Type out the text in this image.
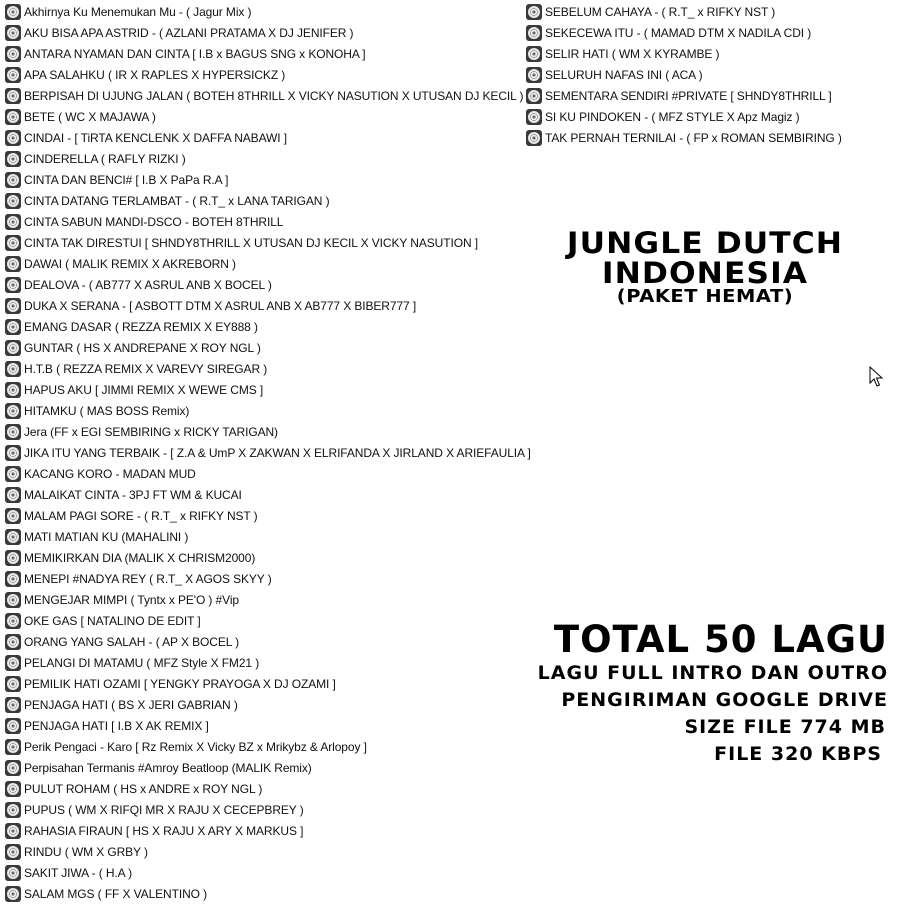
Akhirnya Ku Menemukan Mu - ( Jagur Mix )
AKU BISA APA ASTRID - ( AZLANI PRATAMA X DJ JENIFER )
ANTARA NYAMAN DAN CINTA [ I.B x BAGUS SNG x KONOHA ]
APA SALAHKU ( IR X RAPLES X HYPERSICKZ )
BERPISAH DI UJUNG JALAN ( BOTEH 8THRILL X VICKY NASUTION X UTUSAN DJ KECIL )
BETE ( WC X MAJAWA )
CINDAI - [ TiRTA KENCLENK X DAFFA NABAWI ]
CINDERELLA ( RAFLY RIZKI )
CINTA DAN BENCI# [ I.B X PaPa R.A ]
CINTA DATANG TERLAMBAT - ( R.T_ x LANA TARIGAN )
CINTA SABUN MANDI-DSCO - BOTEH 8THRILL
CINTA TAK DIRESTUI [ SHNDY8THRILL X UTUSAN DJ KECIL X VICKY NASUTION ]
DAWAI ( MALIK REMIX X AKREBORN )
DEALOVA - ( AB777 X ASRUL ANB X BOCEL )
DUKA X SERANA - [ ASBOTT DTM X ASRUL ANB X AB777 X BIBER777 ]
EMANG DASAR ( REZZA REMIX X EY888 )
GUNTAR ( HS X ANDREPANE X ROY NGL )
H.T.B ( REZZA REMIX X VAREVY SIREGAR )
HAPUS AKU [ JIMMI REMIX X WEWE CMS ]
HITAMKU ( MAS BOSS Remix)
Jera (FF x EGI SEMBIRING x RICKY TARIGAN)
JIKA ITU YANG TERBAIK - [ Z.A & UmP X ZAKWAN X ELRIFANDA X JIRLAND X ARIEFAULIA ]
KACANG KORO - MADAN MUD
MALAIKAT CINTA - 3PJ FT WM & KUCAI
MALAM PAGI SORE - ( R.T_ x RIFKY NST )
MATI MATIAN KU (MAHALINI )
MEMIKIRKAN DIA (MALIK X CHRISM2000)
MENEPI #NADYA REY ( R.T_ X AGOS SKYY )
MENGEJAR MIMPI ( Tyntx x PE'O ) #Vip
OKE GAS [ NATALINO DE EDIT ]
ORANG YANG SALAH - ( AP X BOCEL )
PELANGI DI MATAMU ( MFZ Style X FM21 )
PEMILIK HATI OZAMI [ YENGKY PRAYOGA X DJ OZAMI ]
PENJAGA HATI ( BS X JERI GABRIAN )
PENJAGA HATI [ I.B X AK REMIX ]
Perik Pengaci - Karo [ Rz Remix X Vicky BZ x Mrikybz & Arlopoy ]
Perpisahan Termanis #Amroy Beatloop (MALIK Remix)
PULUT ROHAM ( HS x ANDRE x ROY NGL )
PUPUS ( WM X RIFQI MR X RAJU X CECEPBREY )
RAHASIA FIRAUN [ HS X RAJU X ARY X MARKUS ]
RINDU ( WM X GRBY )
SAKIT JIWA - ( H.A )
SALAM MGS ( FF X VALENTINO )
SEBELUM CAHAYA - ( R.T_ x RIFKY NST )
SEKECEWA ITU - ( MAMAD DTM X NADILA CDI )
SELIR HATI ( WM X KYRAMBE )
SELURUH NAFAS INI ( ACA )
SEMENTARA SENDIRI #PRIVATE [ SHNDY8THRILL ]
SI KU PINDOKEN - ( MFZ STYLE X Apz Magiz )
TAK PERNAH TERNILAI - ( FP x ROMAN SEMBIRING )
JUNGLE DUTCH
INDONESIA
(PAKET HEMAT)
TOTAL 50 LAGU
LAGU FULL INTRO DAN OUTRO
PENGIRIMAN GOOGLE DRIVE
SIZE FILE 774 MB
FILE 320 KBPS
